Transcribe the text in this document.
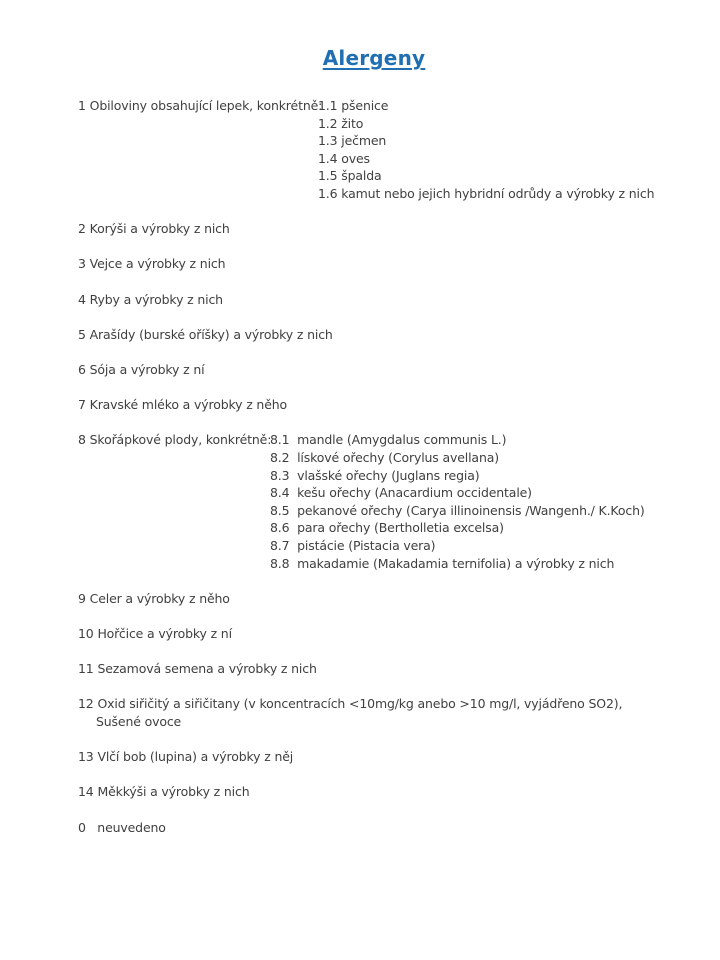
Alergeny
1 Obiloviny obsahující lepek, konkrétně:
1.1 pšenice
1.2 žito
1.3 ječmen
1.4 oves
1.5 špalda
1.6 kamut nebo jejich hybridní odrůdy a výrobky z nich
2 Korýši a výrobky z nich
3 Vejce a výrobky z nich
4 Ryby a výrobky z nich
5 Arašídy (burské oříšky) a výrobky z nich
6 Sója a výrobky z ní
7 Kravské mléko a výrobky z něho
8 Skořápkové plody, konkrétně:
8.1 mandle (Amygdalus communis L.)
8.2 lískové ořechy (Corylus avellana)
8.3 vlašské ořechy (Juglans regia)
8.4 kešu ořechy (Anacardium occidentale)
8.5 pekanové ořechy (Carya illinoinensis /Wangenh./ K.Koch)
8.6 para ořechy (Bertholletia excelsa)
8.7 pistácie (Pistacia vera)
8.8 makadamie (Makadamia ternifolia) a výrobky z nich
9 Celer a výrobky z něho
10 Hořčice a výrobky z ní
11 Sezamová semena a výrobky z nich
12 Oxid siřičitý a siřičitany (v koncentracích <10mg/kg anebo >10 mg/l, vyjádřeno SO2),
Sušené ovoce
13 Vlčí bob (lupina) a výrobky z něj
14 Měkkýši a výrobky z nich
0 neuvedeno
